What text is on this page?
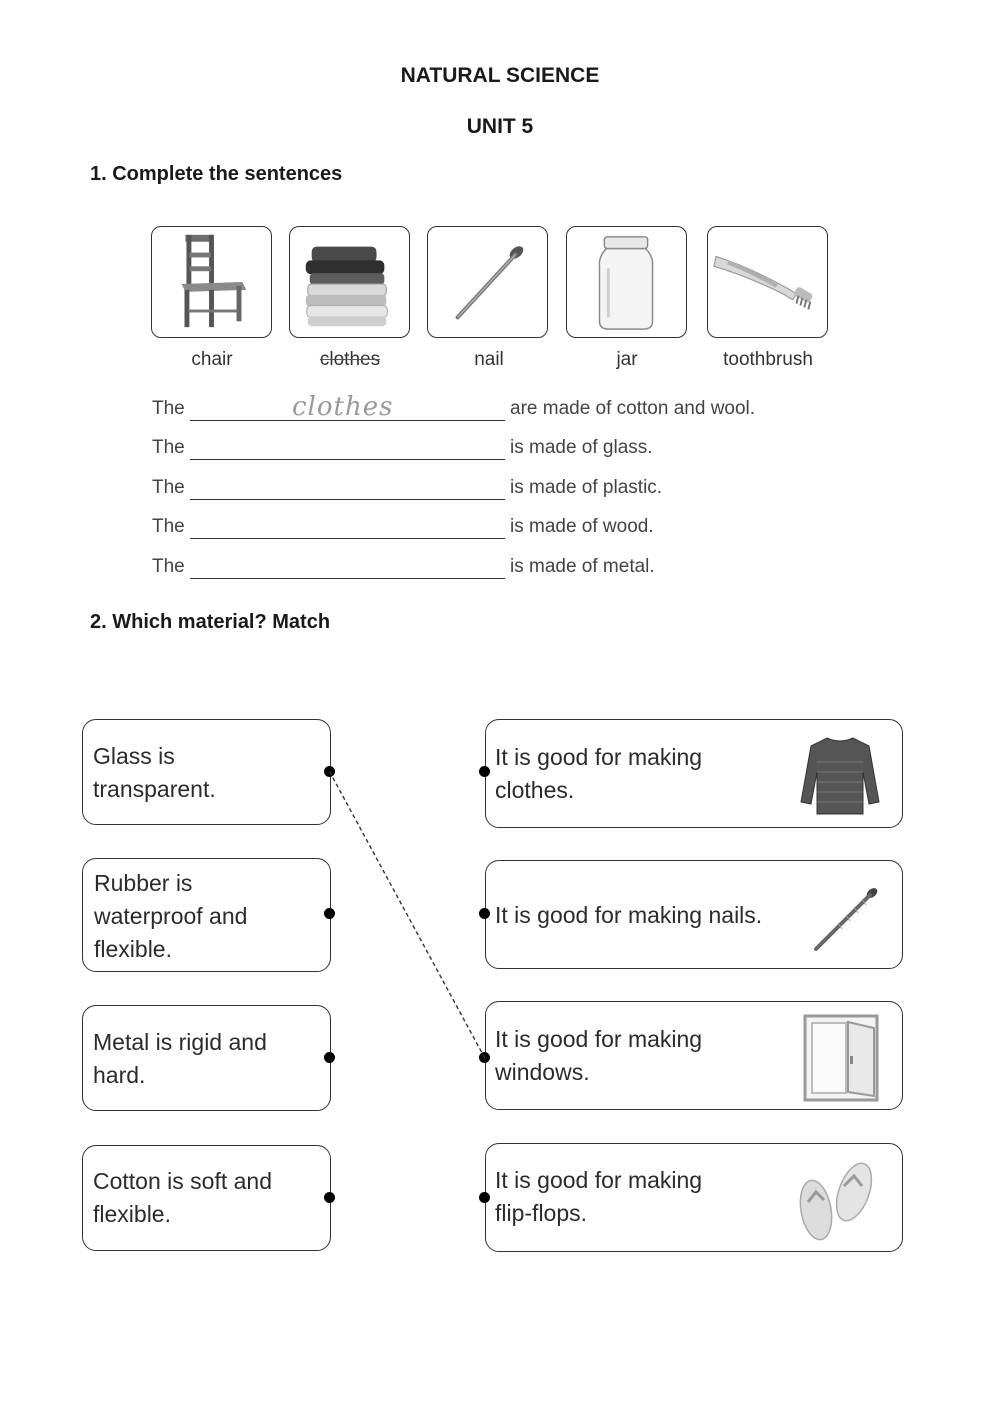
NATURAL SCIENCE
UNIT 5
1. Complete the sentences
chair	clothes	nail	jar	toothbrush
The	clothes	are made of cotton and wool.
The	is made of glass.
The	is made of plastic.
The	is made of wood.
The	is made of metal.
2. Which material? Match
Glass is
transparent.
Rubber is
waterproof and
flexible.
Metal is rigid and
hard.
Cotton is soft and
flexible.
It is good for making
clothes.
It is good for making nails.
It is good for making
windows.
It is good for making
flip-flops.
